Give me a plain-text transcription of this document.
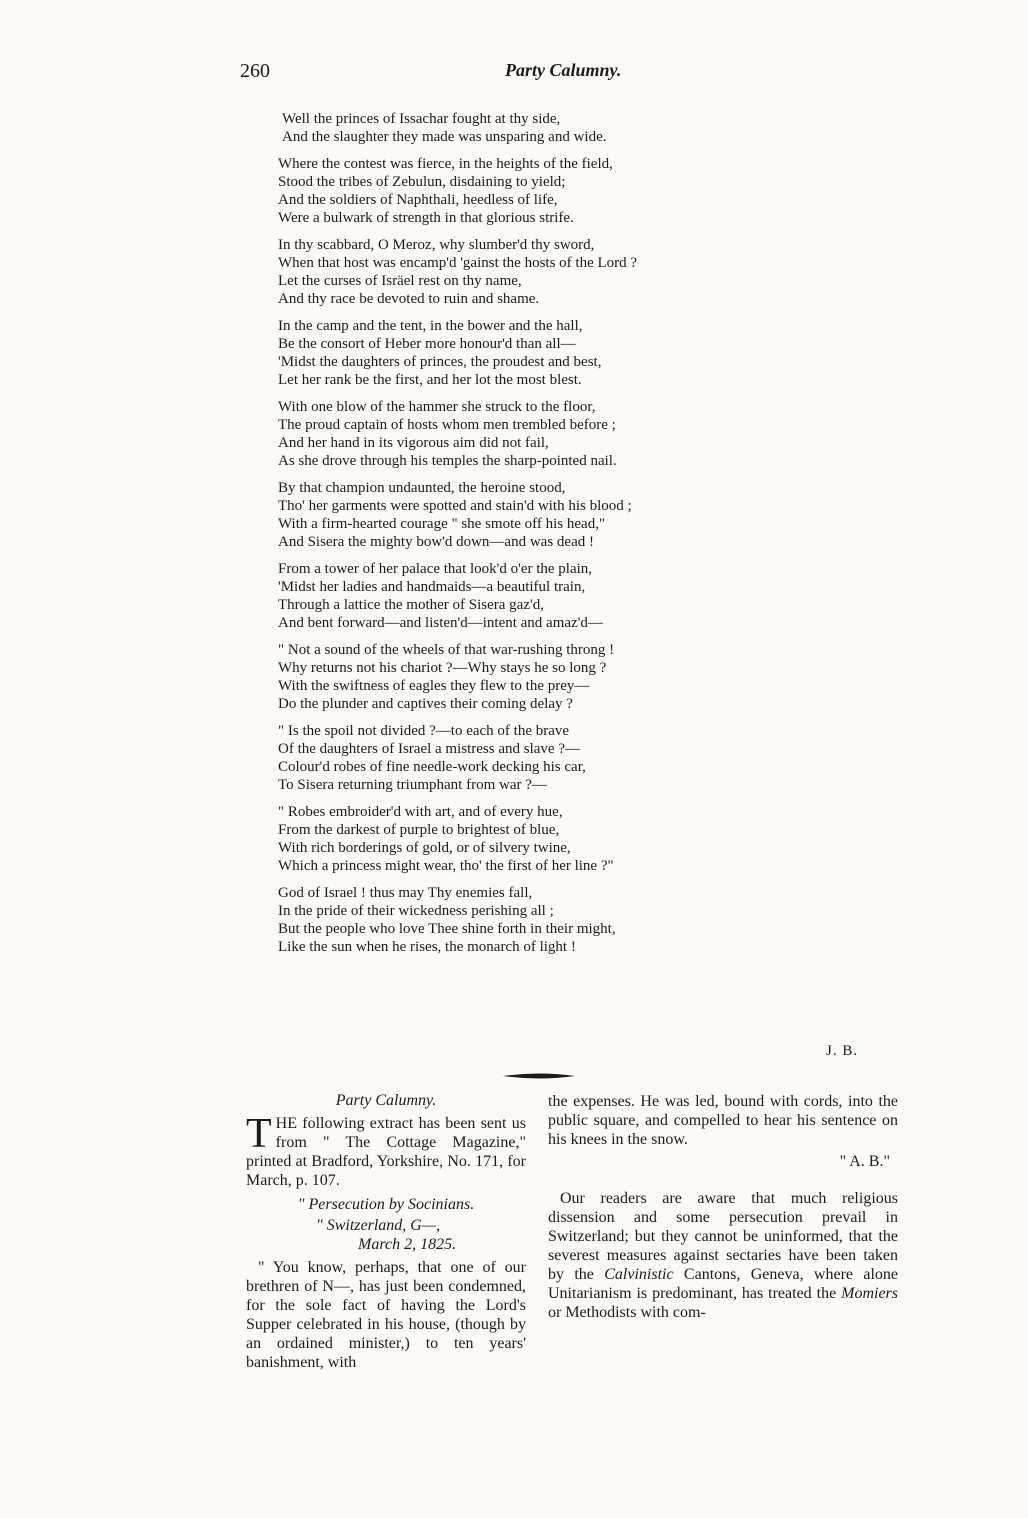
260	Party Calumny.
Well the princes of Issachar fought at thy side,
And the slaughter they made was unsparing and wide.
Where the contest was fierce, in the heights of the field,
Stood the tribes of Zebulun, disdaining to yield;
And the soldiers of Naphthali, heedless of life,
Were a bulwark of strength in that glorious strife.
In thy scabbard, O Meroz, why slumber'd thy sword,
When that host was encamp'd 'gainst the hosts of the Lord ?
Let the curses of Isräel rest on thy name,
And thy race be devoted to ruin and shame.
In the camp and the tent, in the bower and the hall,
Be the consort of Heber more honour'd than all—
'Midst the daughters of princes, the proudest and best,
Let her rank be the first, and her lot the most blest.
With one blow of the hammer she struck to the floor,
The proud captain of hosts whom men trembled before ;
And her hand in its vigorous aim did not fail,
As she drove through his temples the sharp-pointed nail.
By that champion undaunted, the heroine stood,
Tho' her garments were spotted and stain'd with his blood ;
With a firm-hearted courage " she smote off his head,"
And Sisera the mighty bow'd down—and was dead !
From a tower of her palace that look'd o'er the plain,
'Midst her ladies and handmaids—a beautiful train,
Through a lattice the mother of Sisera gaz'd,
And bent forward—and listen'd—intent and amaz'd—
" Not a sound of the wheels of that war-rushing throng !
Why returns not his chariot ?—Why stays he so long ?
With the swiftness of eagles they flew to the prey—
Do the plunder and captives their coming delay ?
" Is the spoil not divided ?—to each of the brave
Of the daughters of Israel a mistress and slave ?—
Colour'd robes of fine needle-work decking his car,
To Sisera returning triumphant from war ?—
" Robes embroider'd with art, and of every hue,
From the darkest of purple to brightest of blue,
With rich borderings of gold, or of silvery twine,
Which a princess might wear, tho' the first of her line ?"
God of Israel ! thus may Thy enemies fall,
In the pride of their wickedness perishing all ;
But the people who love Thee shine forth in their might,
Like the sun when he rises, the monarch of light !
J. B.

Party Calumny.

THE following extract has been sent us from " The Cottage Magazine," printed at Bradford, Yorkshire, No. 171, for March, p. 107.

" Persecution by Socinians.

" Switzerland, G—,

March 2, 1825.

" You know, perhaps, that one of our brethren of N—, has just been condemned, for the sole fact of having the Lord's Supper celebrated in his house, (though by an ordained minister,) to ten years' banishment, with

the expenses. He was led, bound with cords, into the public square, and compelled to hear his sentence on his knees in the snow.

" A. B."

Our readers are aware that much religious dissension and some persecution prevail in Switzerland; but they cannot be uninformed, that the severest measures against sectaries have been taken by the Calvinistic Cantons, Geneva, where alone Unitarianism is predominant, has treated the Momiers or Methodists with com-
